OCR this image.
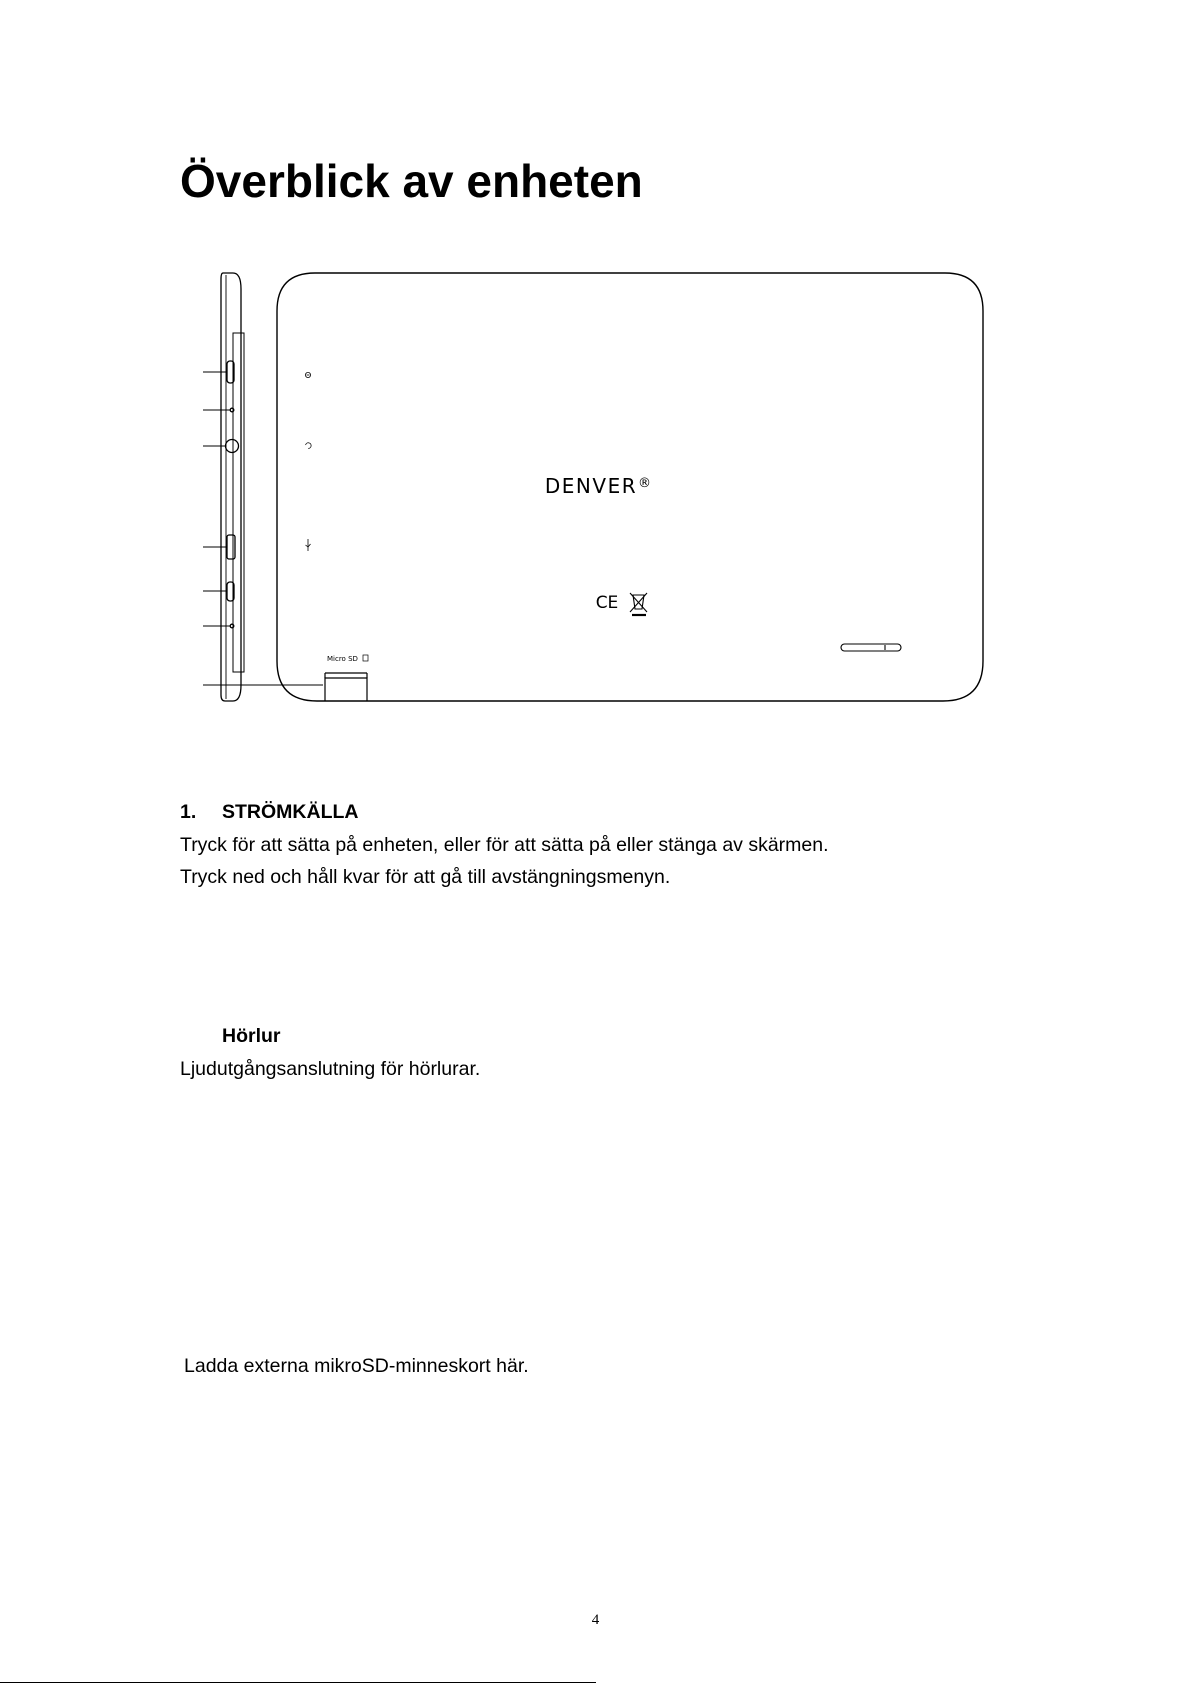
Överblick av enheten
DENVER ®
CE
Micro SD
1. STRÖMKÄLLA
Tryck för att sätta på enheten, eller för att sätta på eller stänga av skärmen.
Tryck ned och håll kvar för att gå till avstängningsmenyn.
Hörlur
Ljudutgångsanslutning för hörlurar.
Ladda externa mikroSD-minneskort här.
4
